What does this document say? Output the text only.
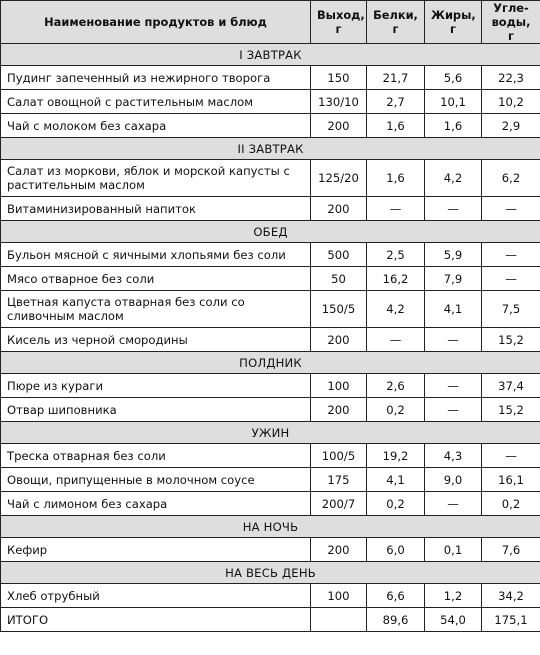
Наименование продуктов и блюд	Выход, г	Белки, г	Жиры, г	Угле-воды, г
I ЗАВТРАК				
Пудинг запеченный из нежирного творога	150	21,7	5,6	22,3
Салат овощной с растительным маслом	130/10	2,7	10,1	10,2
Чай с молоком без сахара	200	1,6	1,6	2,9
II ЗАВТРАК				
Салат из моркови, яблок и морской капусты с растительным маслом	125/20	1,6	4,2	6,2
Витаминизированный напиток	200	—	—	—
ОБЕД				
Бульон мясной с яичными хлопьями без соли	500	2,5	5,9	—
Мясо отварное без соли	50	16,2	7,9	—
Цветная капуста отварная без соли со сливочным маслом	150/5	4,2	4,1	7,5
Кисель из черной смородины	200	—	—	15,2
ПОЛДНИК				
Пюре из кураги	100	2,6	—	37,4
Отвар шиповника	200	0,2	—	15,2
УЖИН				
Треска отварная без соли	100/5	19,2	4,3	—
Овощи, припущенные в молочном соусе	175	4,1	9,0	16,1
Чай с лимоном без сахара	200/7	0,2	—	0,2
НА НОЧЬ				
Кефир	200	6,0	0,1	7,6
НА ВЕСЬ ДЕНЬ				
Хлеб отрубный	100	6,6	1,2	34,2
ИТОГО		89,6	54,0	175,1
